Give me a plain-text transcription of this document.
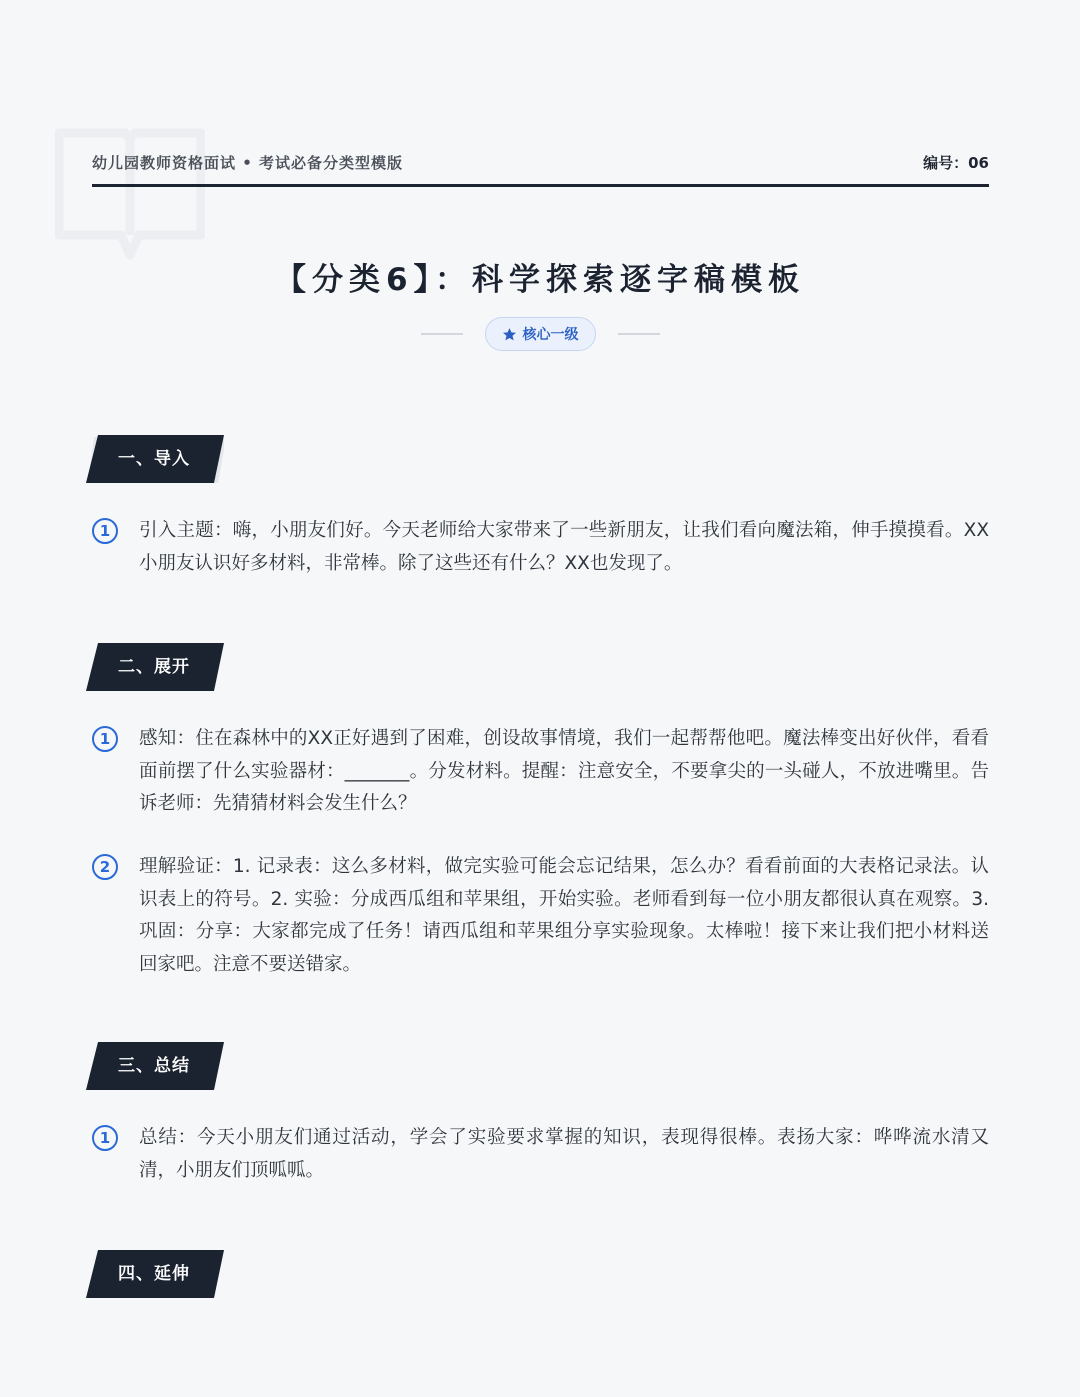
幼儿园教师资格面试 • 考试必备分类型模版	编号：06
【分类6】：科学探索逐字稿模板
核心一级
一、导入
1	引入主题：嗨，小朋友们好。今天老师给大家带来了一些新朋友，让我们看向魔法箱，伸手摸摸看。XX小朋友认识好多材料，非常棒。除了这些还有什么？XX也发现了。
二、展开
1	感知：住在森林中的XX正好遇到了困难，创设故事情境，我们一起帮帮他吧。魔法棒变出好伙伴，看看面前摆了什么实验器材：_______。分发材料。提醒：注意安全，不要拿尖的一头碰人，不放进嘴里。告诉老师：先猜猜材料会发生什么？
2	理解验证：1. 记录表：这么多材料，做完实验可能会忘记结果，怎么办？看看前面的大表格记录法。认识表上的符号。2. 实验：分成西瓜组和苹果组，开始实验。老师看到每一位小朋友都很认真在观察。3. 巩固：分享：大家都完成了任务！请西瓜组和苹果组分享实验现象。太棒啦！接下来让我们把小材料送回家吧。注意不要送错家。
三、总结
1	总结：今天小朋友们通过活动，学会了实验要求掌握的知识，表现得很棒。表扬大家：哗哗流水清又清，小朋友们顶呱呱。
四、延伸
